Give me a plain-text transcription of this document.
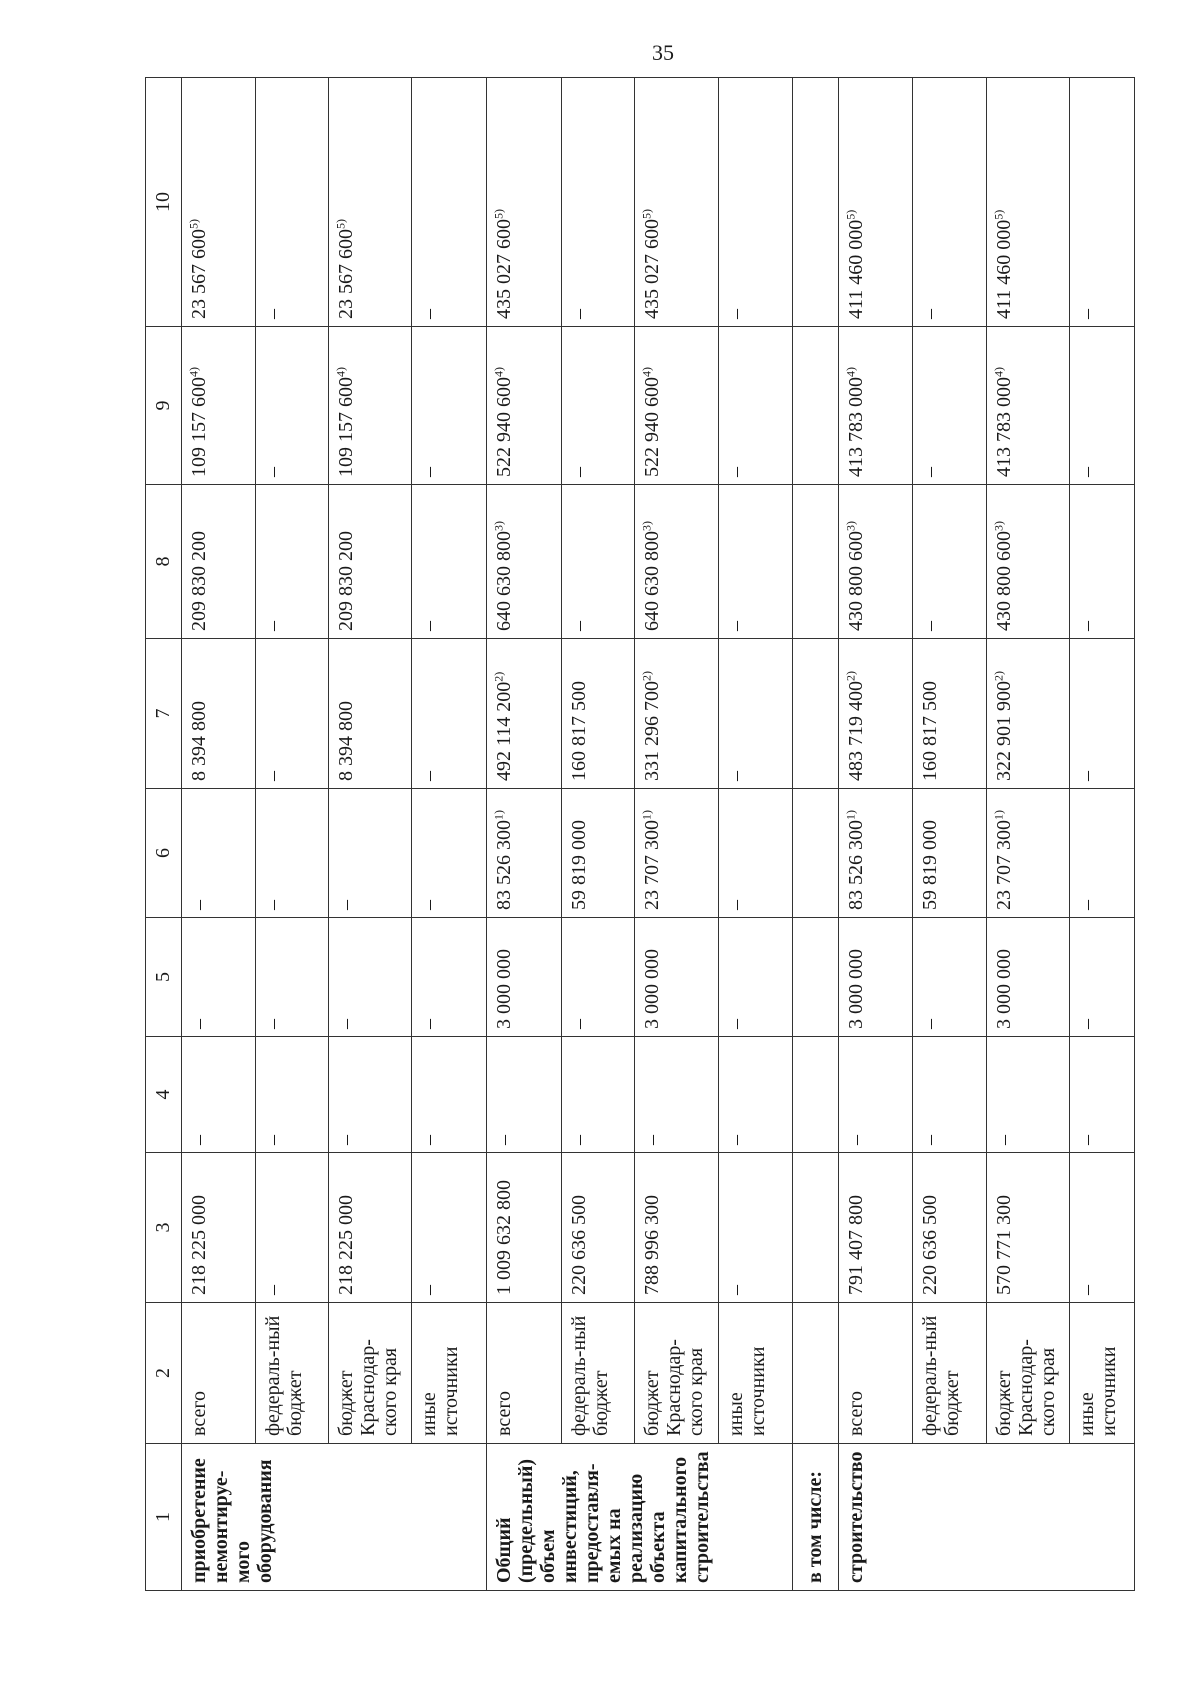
35
1	2	3	4	5	6	7	8	9	10
приобретение немонтируе-мого оборудования	всего	218 225 000	–	–	–	8 394 800	209 830 200	109 157 600$^{4)}$	23 567 600$^{5)}$
	федераль-ный бюджет	–	–	–	–	–	–	–	–
	бюджет Краснодар-ского края	218 225 000	–	–	–	8 394 800	209 830 200	109 157 600$^{4)}$	23 567 600$^{5)}$
	иные источники	–	–	–	–	–	–	–	–
Общий (предельный) объем инвестиций, предоставля-емых на реализацию объекта капитального строительства	всего	1 009 632 800	–	3 000 000	83 526 300$^{1)}$	492 114 200$^{2)}$	640 630 800$^{3)}$	522 940 600$^{4)}$	435 027 600$^{5)}$
	федераль-ный бюджет	220 636 500	–	–	59 819 000	160 817 500	–	–	–
	бюджет Краснодар-ского края	788 996 300	–	3 000 000	23 707 300$^{1)}$	331 296 700$^{2)}$	640 630 800$^{3)}$	522 940 600$^{4)}$	435 027 600$^{5)}$
	иные источники	–	–	–	–	–	–	–	–
в том числе:									
строительство	всего	791 407 800	–	3 000 000	83 526 300$^{1)}$	483 719 400$^{2)}$	430 800 600$^{3)}$	413 783 000$^{4)}$	411 460 000$^{5)}$
	федераль-ный бюджет	220 636 500	–	–	59 819 000	160 817 500	–	–	–
	бюджет Краснодар-ского края	570 771 300	–	3 000 000	23 707 300$^{1)}$	322 901 900$^{2)}$	430 800 600$^{3)}$	413 783 000$^{4)}$	411 460 000$^{5)}$
	иные источники	–	–	–	–	–	–	–	–
